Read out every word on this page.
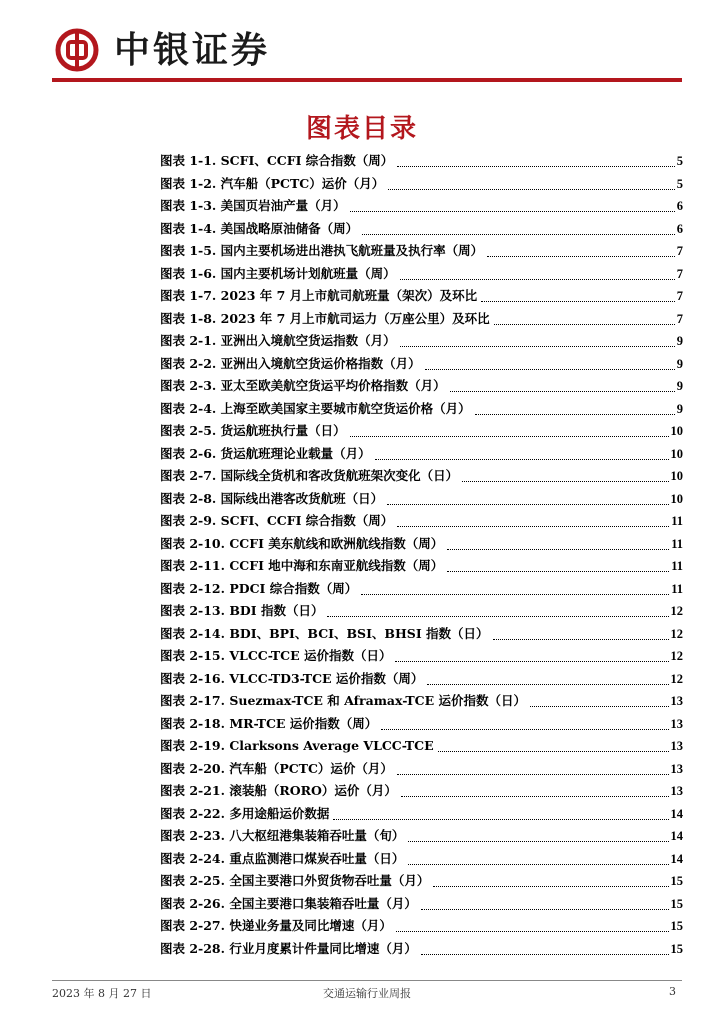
中银证券
图表目录
图表 1-1. SCFI、CCFI 综合指数（周）	5
图表 1-2. 汽车船（PCTC）运价（月）	5
图表 1-3. 美国页岩油产量（月）	6
图表 1-4. 美国战略原油储备（周）	6
图表 1-5. 国内主要机场进出港执飞航班量及执行率（周）	7
图表 1-6. 国内主要机场计划航班量（周）	7
图表 1-7. 2023 年 7 月上市航司航班量（架次）及环比	7
图表 1-8. 2023 年 7 月上市航司运力（万座公里）及环比	7
图表 2-1. 亚洲出入境航空货运指数（月）	9
图表 2-2. 亚洲出入境航空货运价格指数（月）	9
图表 2-3. 亚太至欧美航空货运平均价格指数（月）	9
图表 2-4. 上海至欧美国家主要城市航空货运价格（月）	9
图表 2-5. 货运航班执行量（日）	10
图表 2-6. 货运航班理论业载量（月）	10
图表 2-7. 国际线全货机和客改货航班架次变化（日）	10
图表 2-8. 国际线出港客改货航班（日）	10
图表 2-9. SCFI、CCFI 综合指数（周）	11
图表 2-10. CCFI 美东航线和欧洲航线指数（周）	11
图表 2-11. CCFI 地中海和东南亚航线指数（周）	11
图表 2-12. PDCI 综合指数（周）	11
图表 2-13. BDI 指数（日）	12
图表 2-14. BDI、BPI、BCI、BSI、BHSI 指数（日）	12
图表 2-15. VLCC-TCE 运价指数（日）	12
图表 2-16. VLCC-TD3-TCE 运价指数（周）	12
图表 2-17. Suezmax-TCE 和 Aframax-TCE 运价指数（日）	13
图表 2-18. MR-TCE 运价指数（周）	13
图表 2-19. Clarksons Average VLCC-TCE	13
图表 2-20. 汽车船（PCTC）运价（月）	13
图表 2-21. 滚装船（RORO）运价（月）	13
图表 2-22. 多用途船运价数据	14
图表 2-23. 八大枢纽港集装箱吞吐量（旬）	14
图表 2-24. 重点监测港口煤炭吞吐量（日）	14
图表 2-25. 全国主要港口外贸货物吞吐量（月）	15
图表 2-26. 全国主要港口集装箱吞吐量（月）	15
图表 2-27. 快递业务量及同比增速（月）	15
图表 2-28. 行业月度累计件量同比增速（月）	15
2023 年 8 月 27 日	交通运输行业周报	3
